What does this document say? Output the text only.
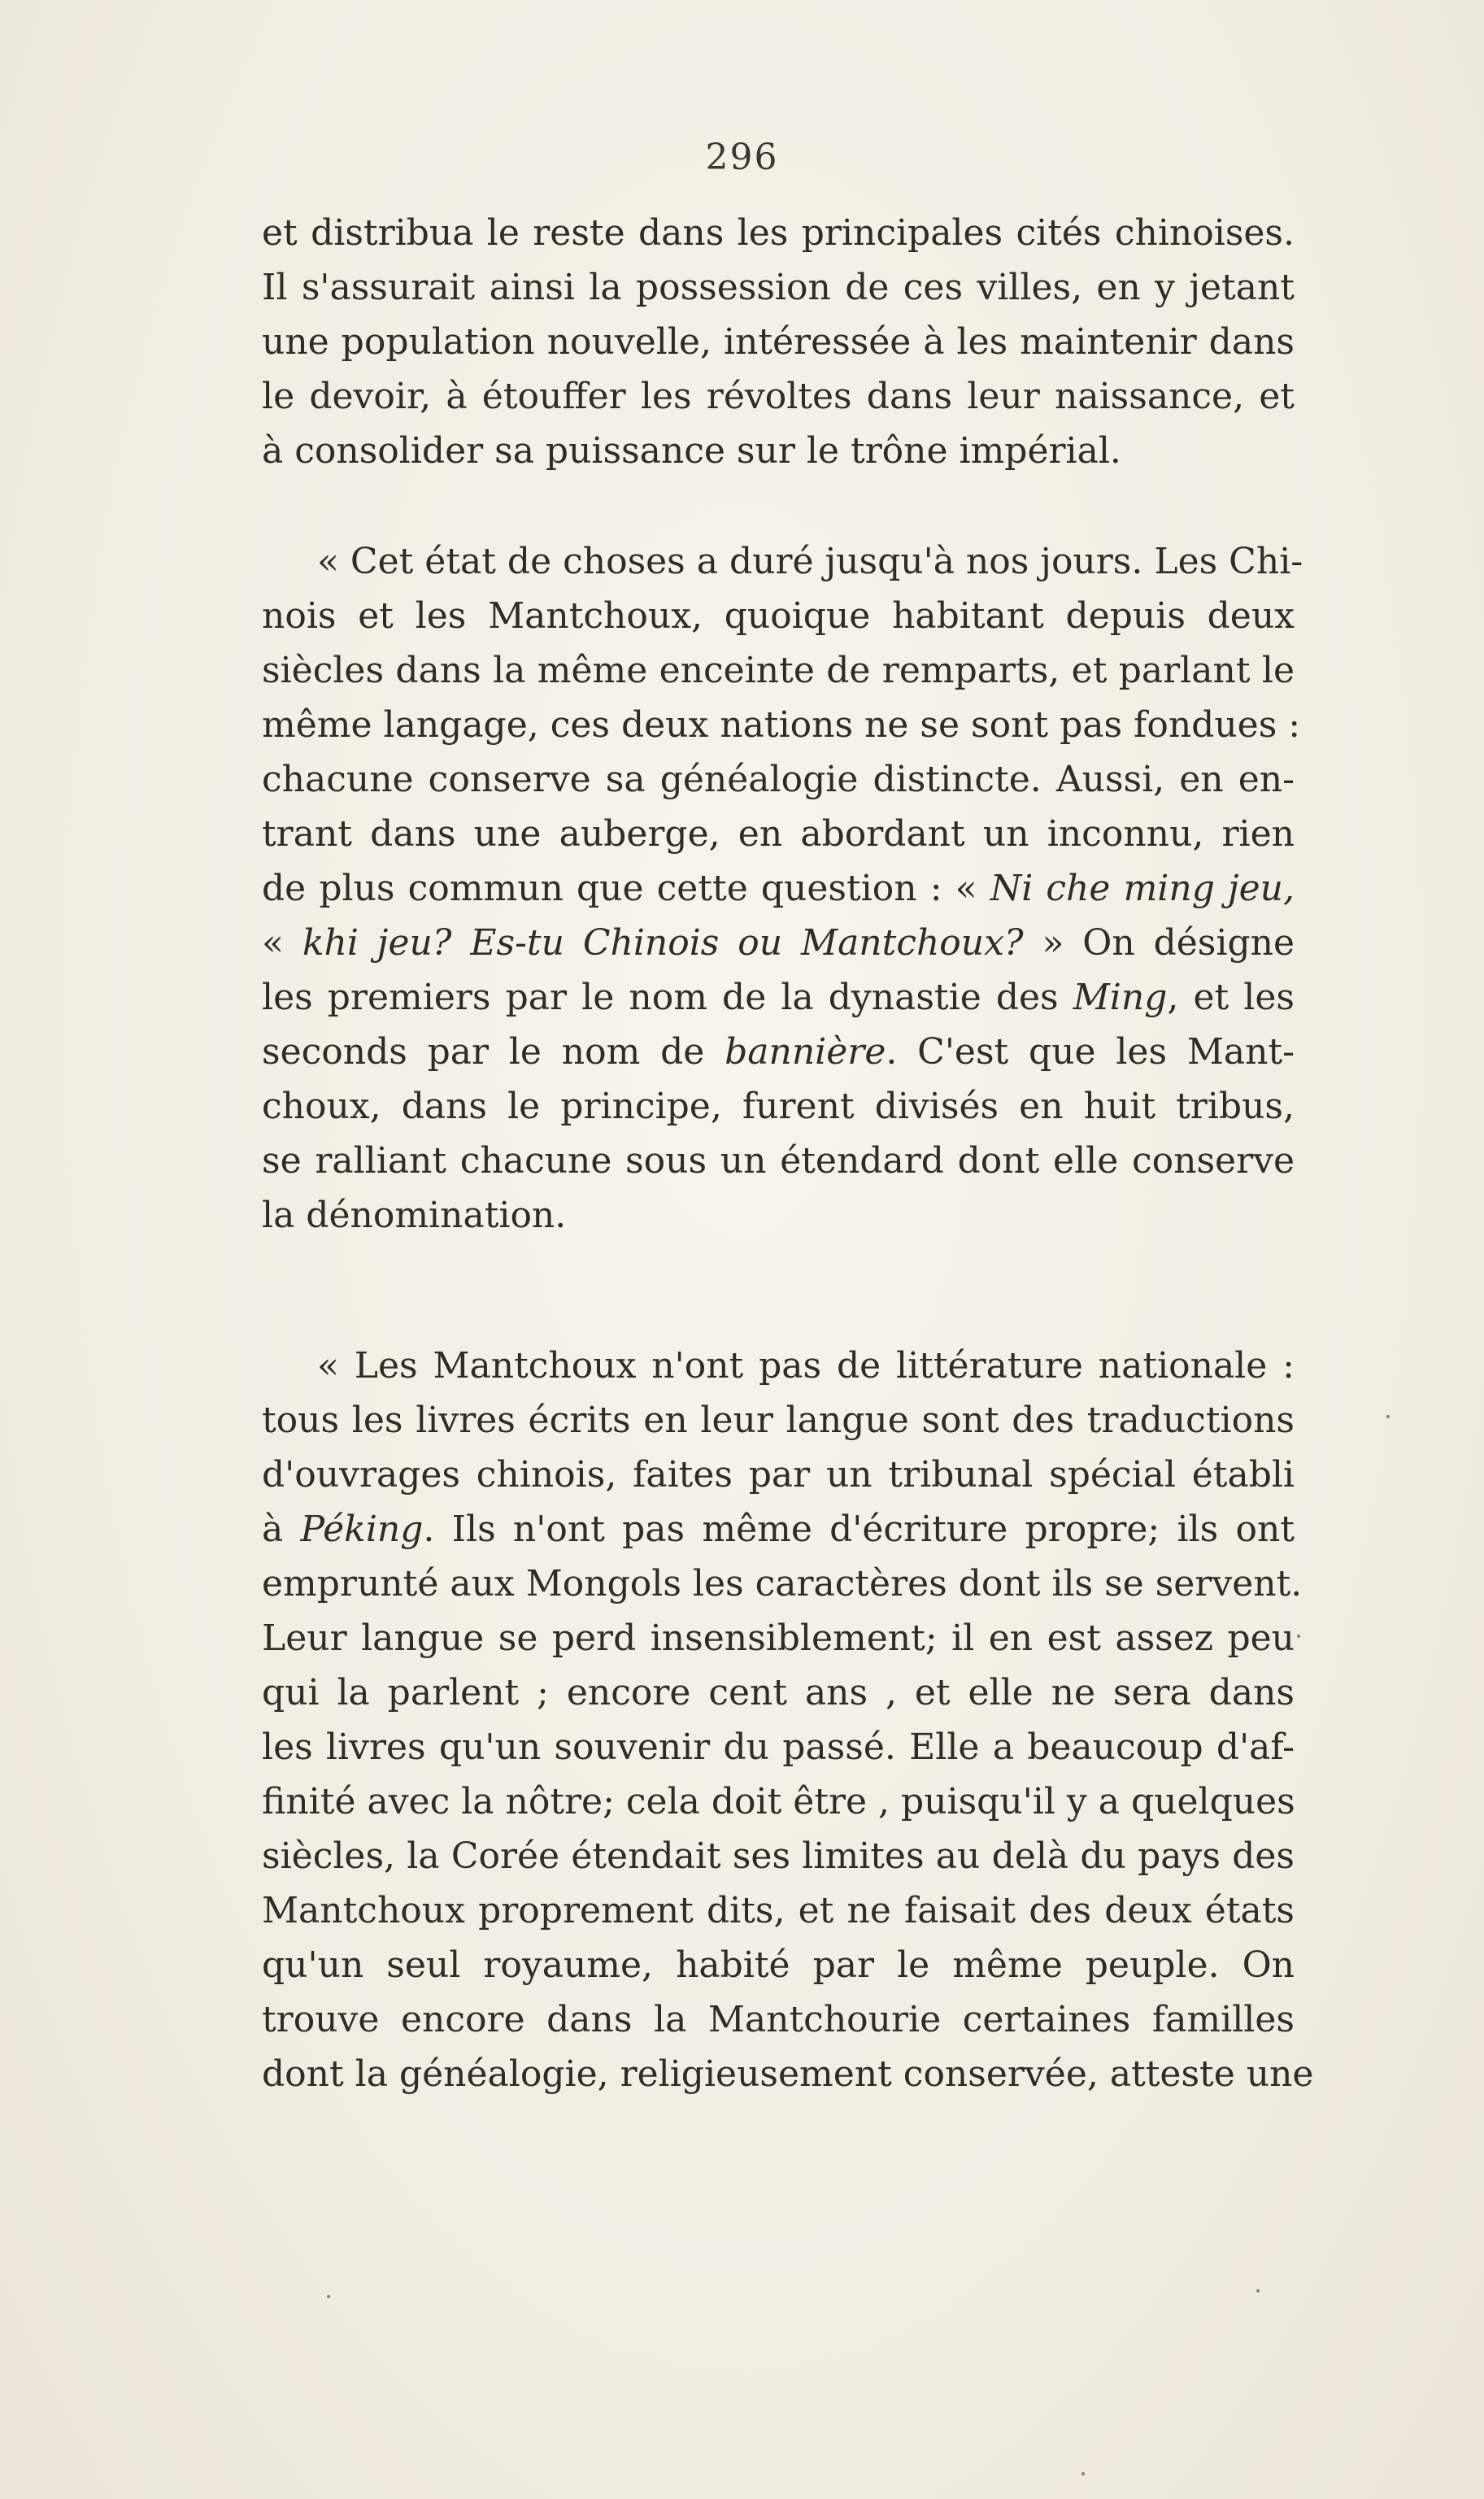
296
et distribua le reste dans les principales cités chinoises.
Il s'assurait ainsi la possession de ces villes, en y jetant
une population nouvelle, intéressée à les maintenir dans
le devoir, à étouffer les révoltes dans leur naissance, et
à consolider sa puissance sur le trône impérial.
« Cet état de choses a duré jusqu'à nos jours. Les Chi-
nois et les Mantchoux, quoique habitant depuis deux
siècles dans la même enceinte de remparts, et parlant le
même langage, ces deux nations ne se sont pas fondues :
chacune conserve sa généalogie distincte. Aussi, en en-
trant dans une auberge, en abordant un inconnu, rien
de plus commun que cette question : « Ni che ming jeu,
« khi jeu? Es-tu Chinois ou Mantchoux? » On désigne
les premiers par le nom de la dynastie des Ming, et les
seconds par le nom de bannière. C'est que les Mant-
choux, dans le principe, furent divisés en huit tribus,
se ralliant chacune sous un étendard dont elle conserve
la dénomination.
« Les Mantchoux n'ont pas de littérature nationale :
tous les livres écrits en leur langue sont des traductions
d'ouvrages chinois, faites par un tribunal spécial établi
à Péking. Ils n'ont pas même d'écriture propre; ils ont
emprunté aux Mongols les caractères dont ils se servent.
Leur langue se perd insensiblement; il en est assez peu
qui la parlent ; encore cent ans , et elle ne sera dans
les livres qu'un souvenir du passé. Elle a beaucoup d'af-
finité avec la nôtre; cela doit être , puisqu'il y a quelques
siècles, la Corée étendait ses limites au delà du pays des
Mantchoux proprement dits, et ne faisait des deux états
qu'un seul royaume, habité par le même peuple. On
trouve encore dans la Mantchourie certaines familles
dont la généalogie, religieusement conservée, atteste une
